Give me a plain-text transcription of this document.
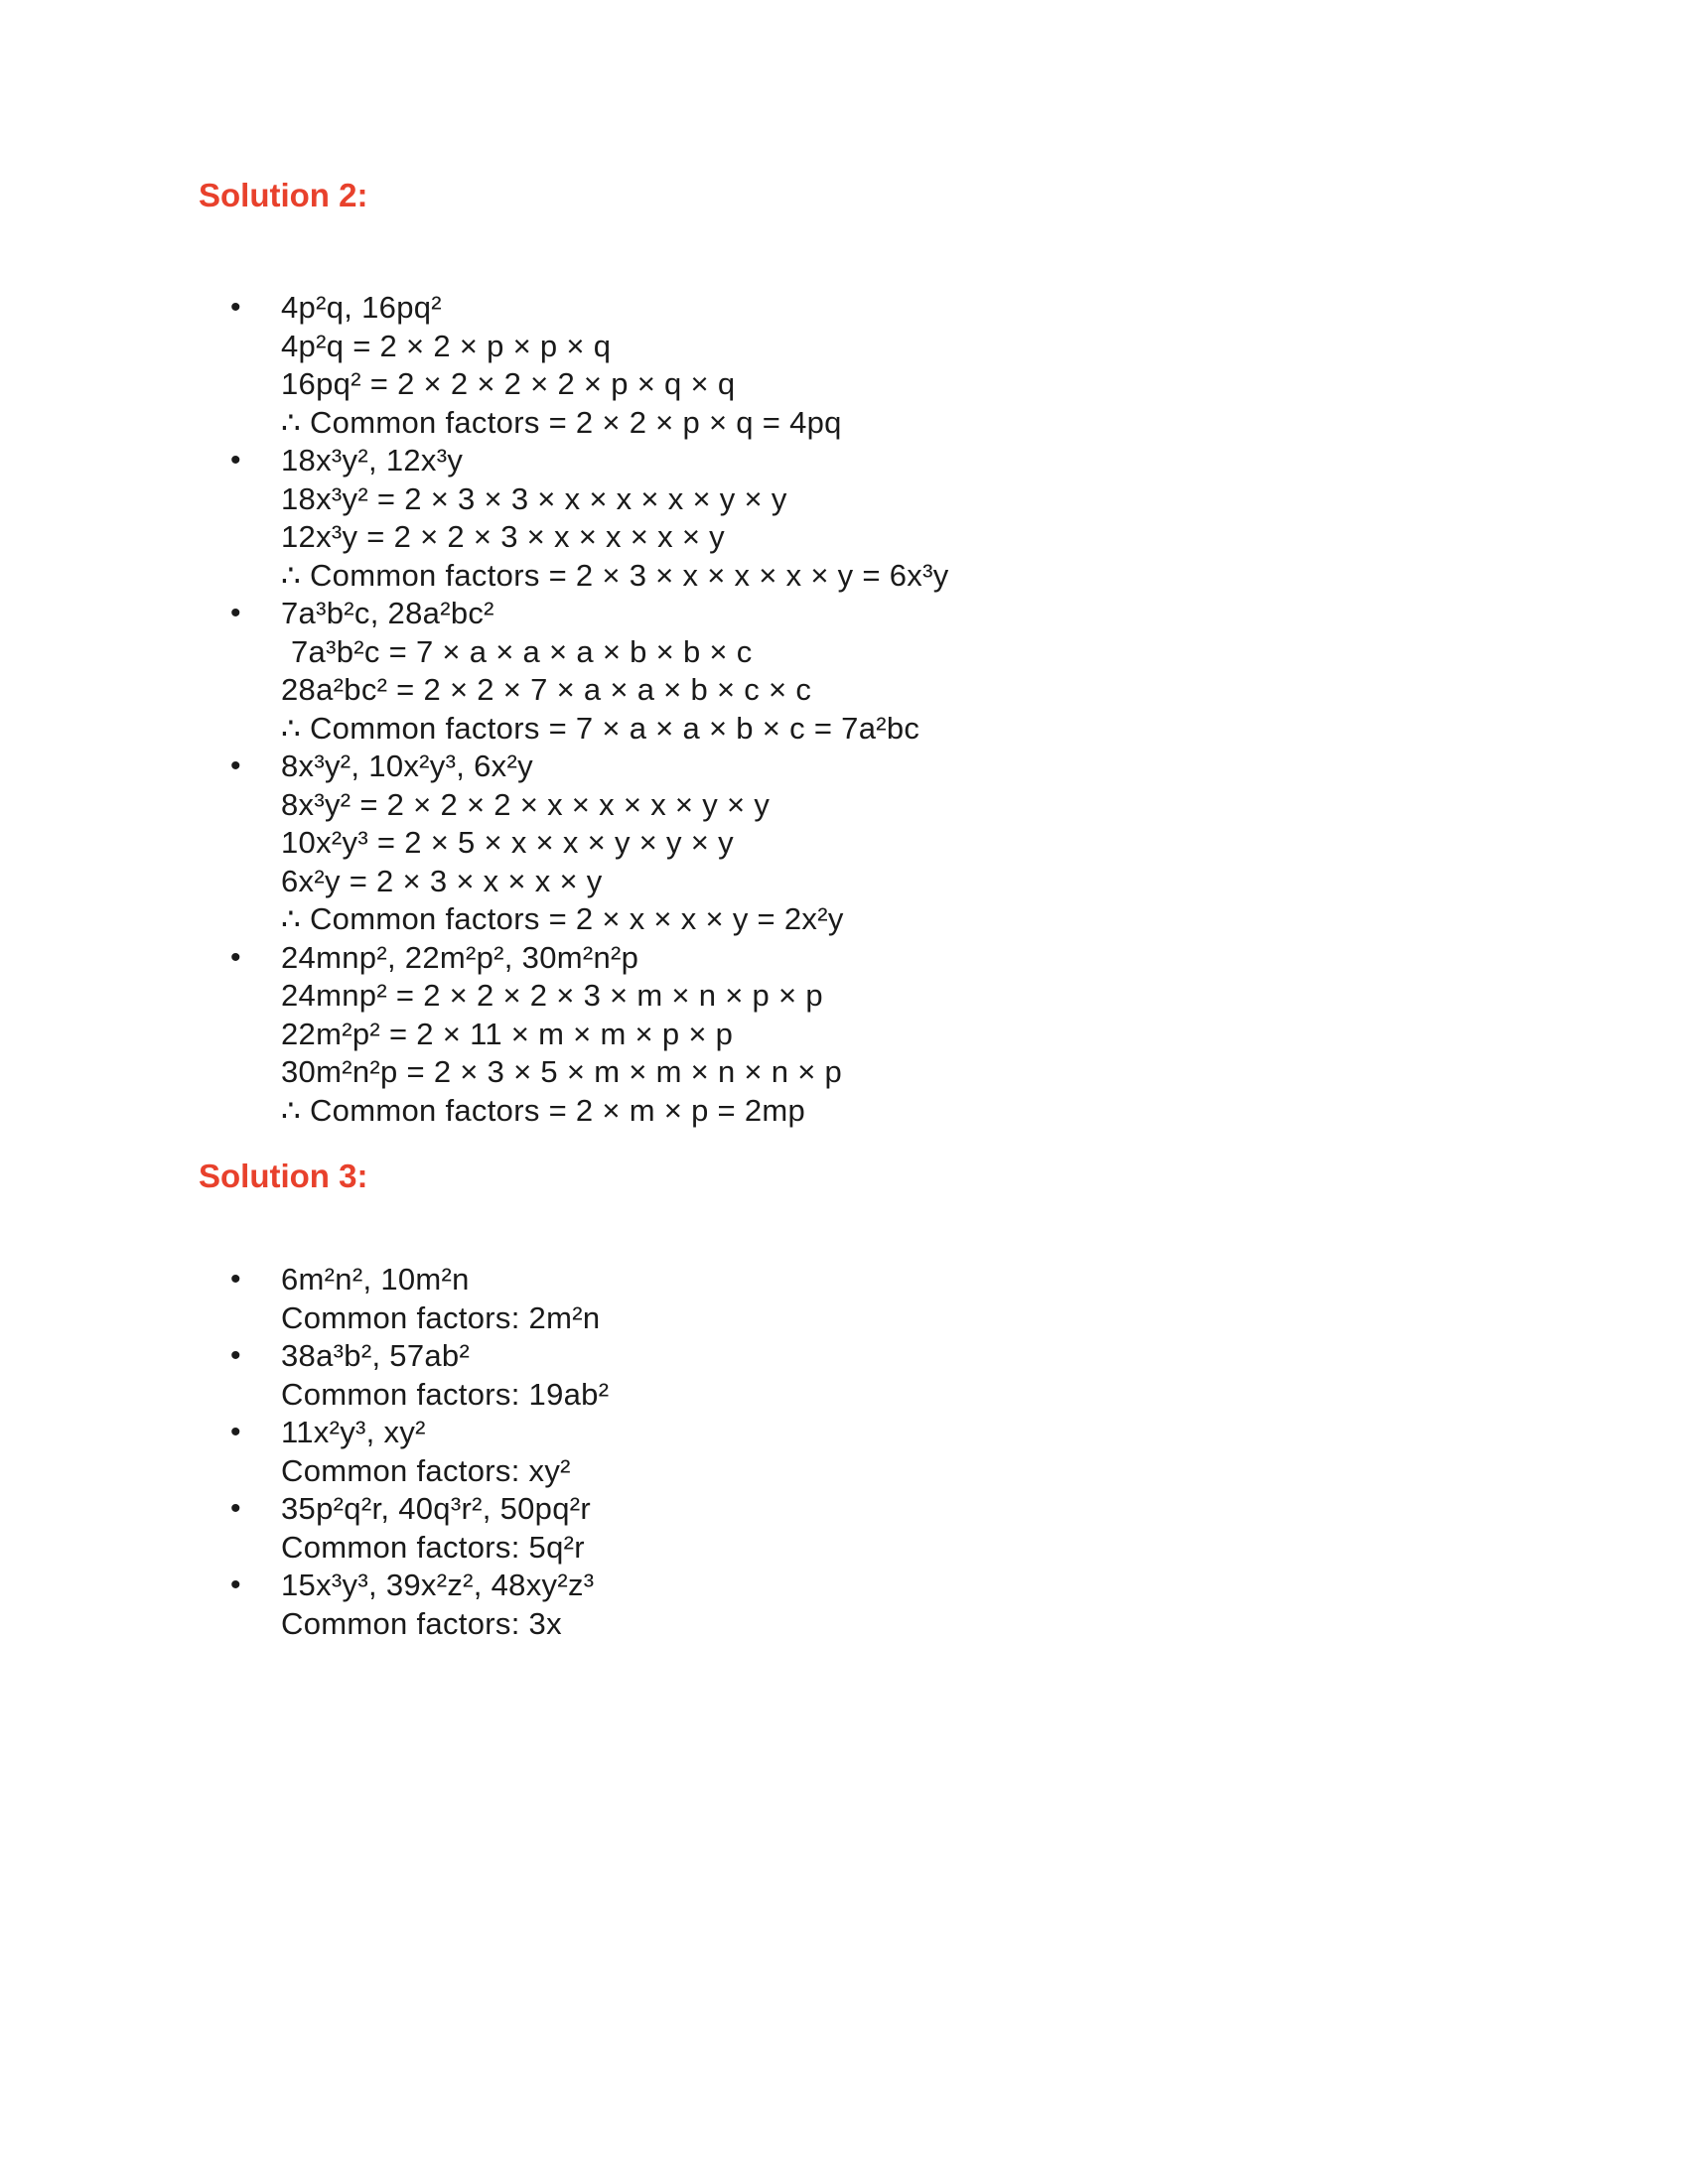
Solution 2:
• 4p²q, 16pq²
4p²q = 2 × 2 × p × p × q
16pq² = 2 × 2 × 2 × 2 × p × q × q
∴ Common factors = 2 × 2 × p × q = 4pq
• 18x³y², 12x³y
18x³y² = 2 × 3 × 3 × x × x × x × y × y
12x³y = 2 × 2 × 3 × x × x × x × y
∴ Common factors = 2 × 3 × x × x × x × y = 6x³y
• 7a³b²c, 28a²bc²
7a³b²c = 7 × a × a × a × b × b × c
28a²bc² = 2 × 2 × 7 × a × a × b × c × c
∴ Common factors = 7 × a × a × b × c = 7a²bc
• 8x³y², 10x²y³, 6x²y
8x³y² = 2 × 2 × 2 × x × x × x × y × y
10x²y³ = 2 × 5 × x × x × y × y × y
6x²y = 2 × 3 × x × x × y
∴ Common factors = 2 × x × x × y = 2x²y
• 24mnp², 22m²p², 30m²n²p
24mnp² = 2 × 2 × 2 × 3 × m × n × p × p
22m²p² = 2 × 11 × m × m × p × p
30m²n²p = 2 × 3 × 5 × m × m × n × n × p
∴ Common factors = 2 × m × p = 2mp
Solution 3:
• 6m²n², 10m²n
Common factors: 2m²n
• 38a³b², 57ab²
Common factors: 19ab²
• 11x²y³, xy²
Common factors: xy²
• 35p²q²r, 40q³r², 50pq²r
Common factors: 5q²r
• 15x³y³, 39x²z², 48xy²z³
Common factors: 3x
